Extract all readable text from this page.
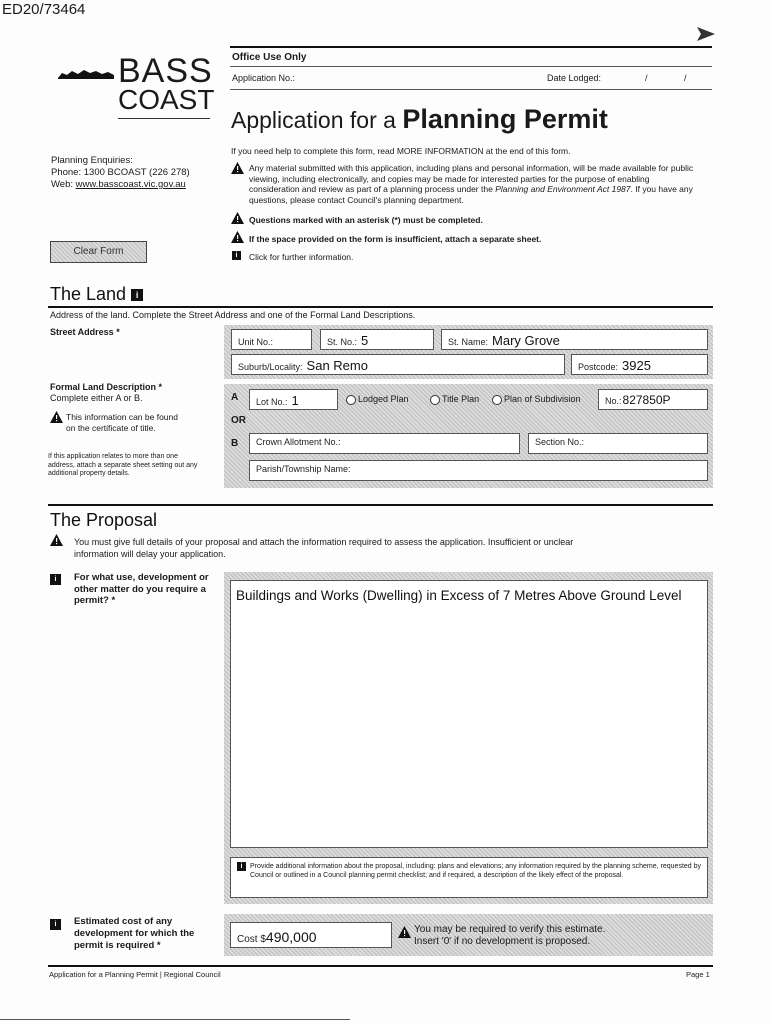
ED20/73464
BASS
COAST
Office Use Only
Application No.:	Date Lodged:	/	/
Application for a Planning Permit
Planning Enquiries:
Phone: 1300 BCOAST (226 278)
Web: www.basscoast.vic.gov.au
If you need help to complete this form, read MORE INFORMATION at the end of this form.
Any material submitted with this application, including plans and personal information, will be made available for public viewing, including electronically, and copies may be made for interested parties for the purpose of enabling consideration and review as part of a planning process under the Planning and Environment Act 1987. If you have any questions, please contact Council's planning department.
Questions marked with an asterisk (*) must be completed.
If the space provided on the form is insufficient, attach a separate sheet.
i	Click for further information.
Clear Form
The Land i
Address of the land. Complete the Street Address and one of the Formal Land Descriptions.
Street Address *
Unit No.:	St. No.: 5	St. Name: Mary Grove
Suburb/Locality: San Remo	Postcode: 3925
Formal Land Description *
Complete either A or B.
This information can be found on the certificate of title.
If this application relates to more than one address, attach a separate sheet setting out any additional property details.
A	Lot No.: 1	Lodged Plan	Title Plan	Plan of Subdivision	No.:827850P
OR
B	Crown Allotment No.:	Section No.:
Parish/Township Name:
The Proposal
You must give full details of your proposal and attach the information required to assess the application. Insufficient or unclear information will delay your application.
i	For what use, development or other matter do you require a permit? *	Buildings and Works (Dwelling) in Excess of 7 Metres Above Ground Level
i	Provide additional information about the proposal, including: plans and elevations; any information required by the planning scheme, requested by Council or outlined in a Council planning permit checklist; and if required, a description of the likely effect of the proposal.
i	Estimated cost of any development for which the permit is required *
Cost $490,000	You may be required to verify this estimate.
Insert '0' if no development is proposed.
Application for a Planning Permit | Regional Council	Page 1
